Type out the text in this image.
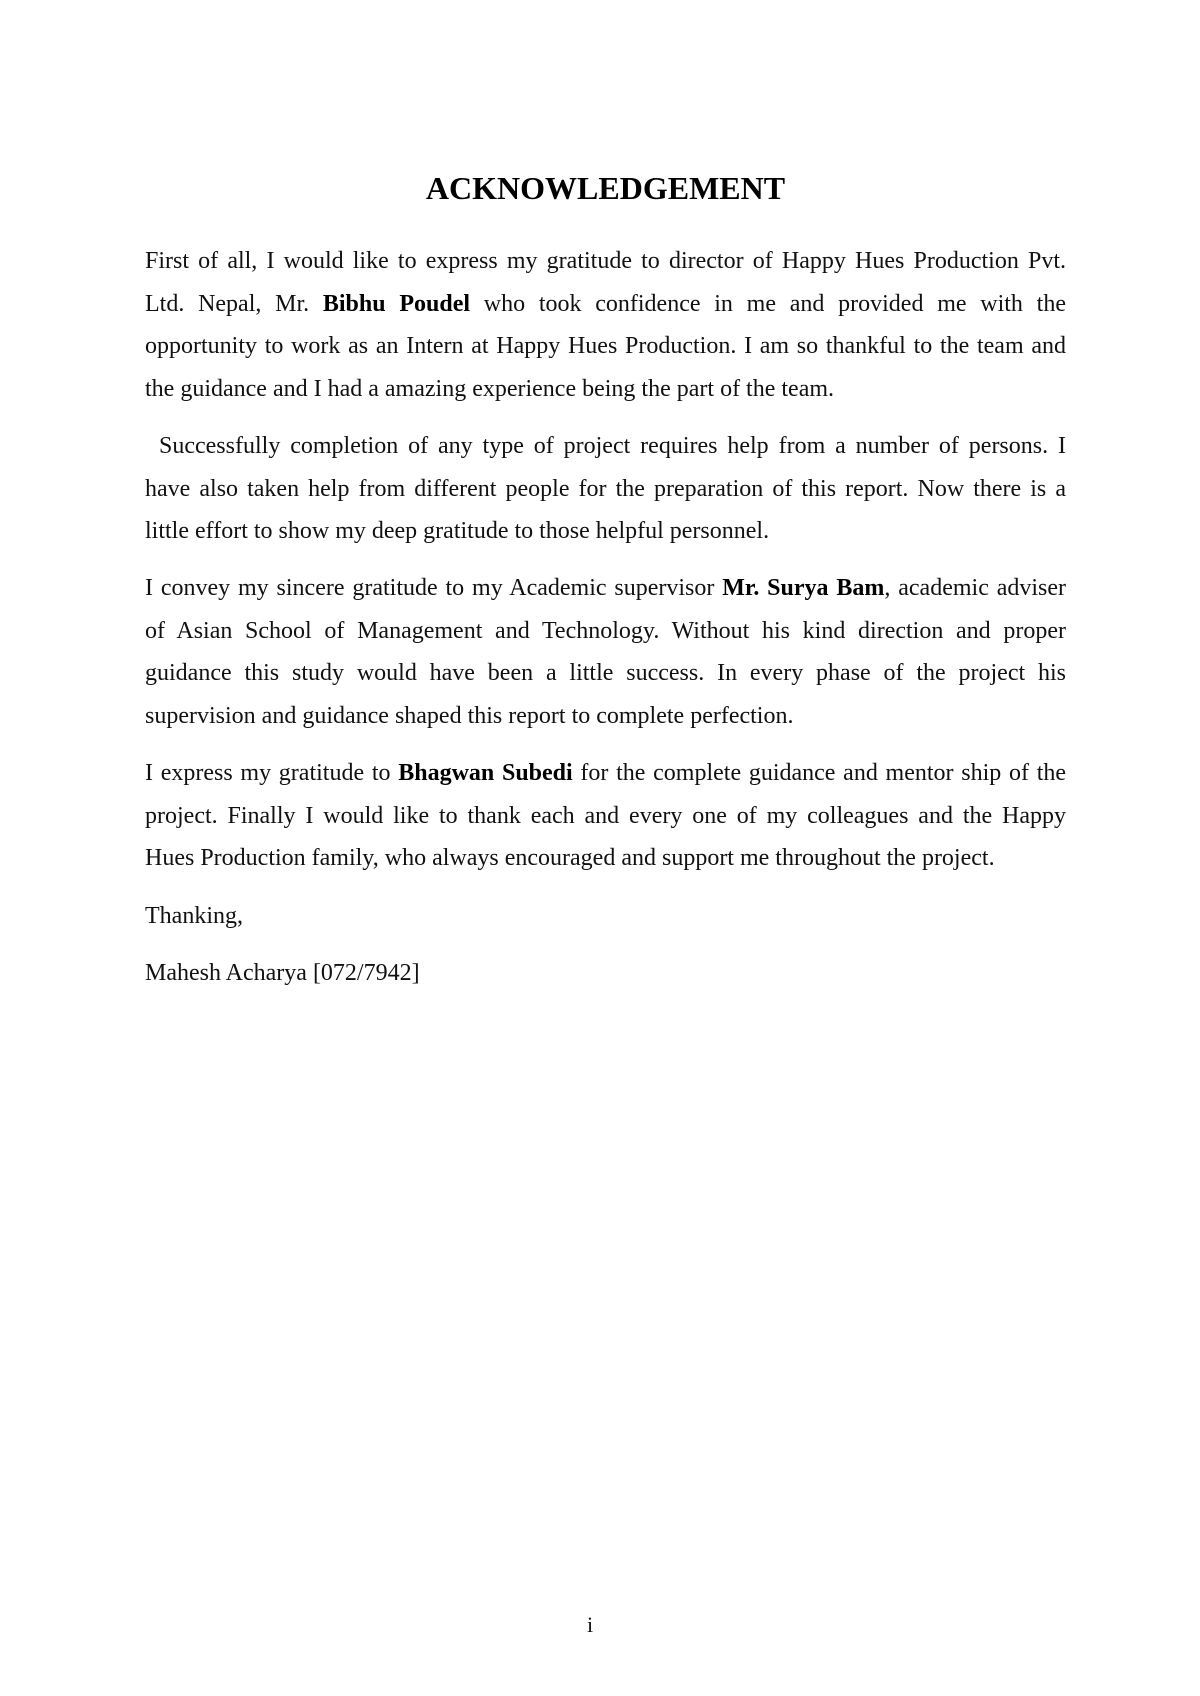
ACKNOWLEDGEMENT
First of all, I would like to express my gratitude to director of Happy Hues Production Pvt.
Ltd. Nepal, Mr. Bibhu Poudel who took confidence in me and provided me with the
opportunity to work as an Intern at Happy Hues Production. I am so thankful to the team and
the guidance and I had a amazing experience being the part of the team.
Successfully completion of any type of project requires help from a number of persons. I
have also taken help from different people for the preparation of this report. Now there is a
little effort to show my deep gratitude to those helpful personnel.
I convey my sincere gratitude to my Academic supervisor Mr. Surya Bam, academic adviser
of Asian School of Management and Technology. Without his kind direction and proper
guidance this study would have been a little success. In every phase of the project his
supervision and guidance shaped this report to complete perfection.
I express my gratitude to Bhagwan Subedi for the complete guidance and mentor ship of the
project. Finally I would like to thank each and every one of my colleagues and the Happy
Hues Production family, who always encouraged and support me throughout the project.
Thanking,
Mahesh Acharya [072/7942]
i
